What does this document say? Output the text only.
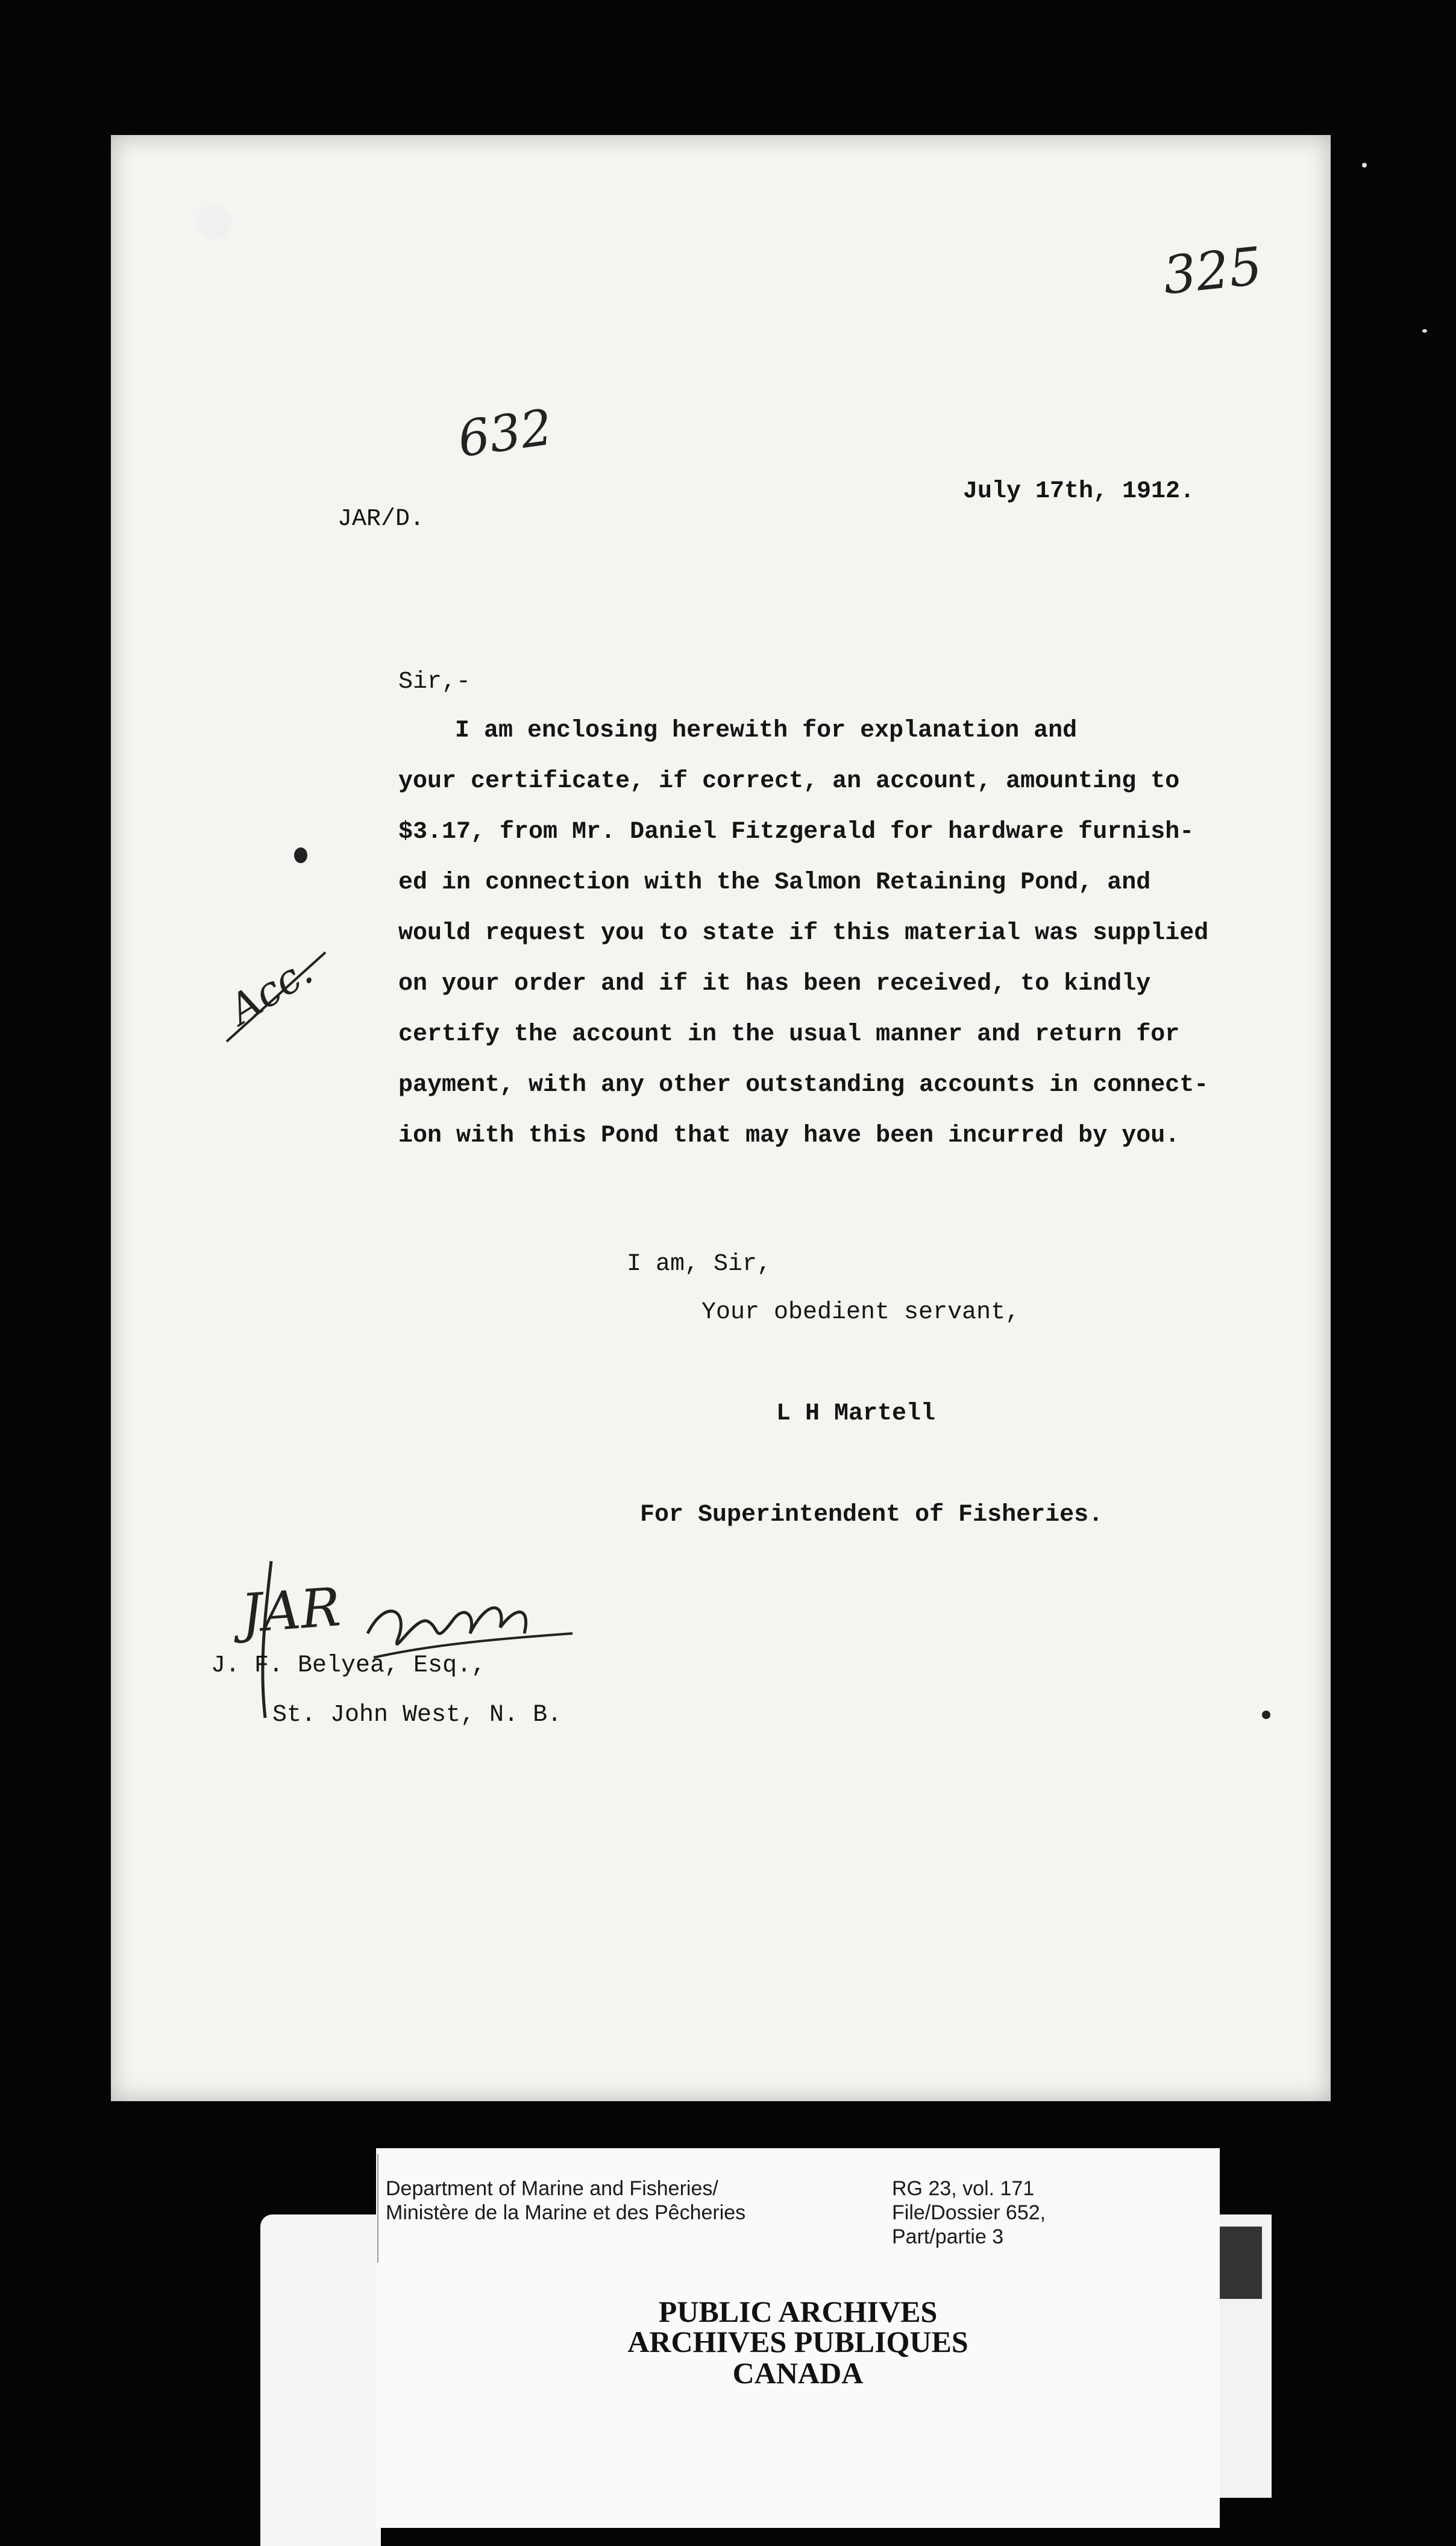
325
632
JAR/D.
July 17th, 1912.
Sir,-
I am enclosing herewith for explanation and
your certificate, if correct, an account, amounting to
$3.17, from Mr. Daniel Fitzgerald for hardware furnish-
ed in connection with the Salmon Retaining Pond, and
would request you to state if this material was supplied
on your order and if it has been received, to kindly
certify the account in the usual manner and return for
payment, with any other outstanding accounts in connect-
ion with this Pond that may have been incurred by you.
Acc.
I am, Sir,
Your obedient servant,
L H Martell
For Superintendent of Fisheries.
JAR
J. F. Belyea, Esq.,
St. John West, N. B.
Department of Marine and Fisheries/
Ministère de la Marine et des Pêcheries
RG 23, vol. 171
File/Dossier 652,
Part/partie 3
PUBLIC ARCHIVES
ARCHIVES PUBLIQUES
CANADA
